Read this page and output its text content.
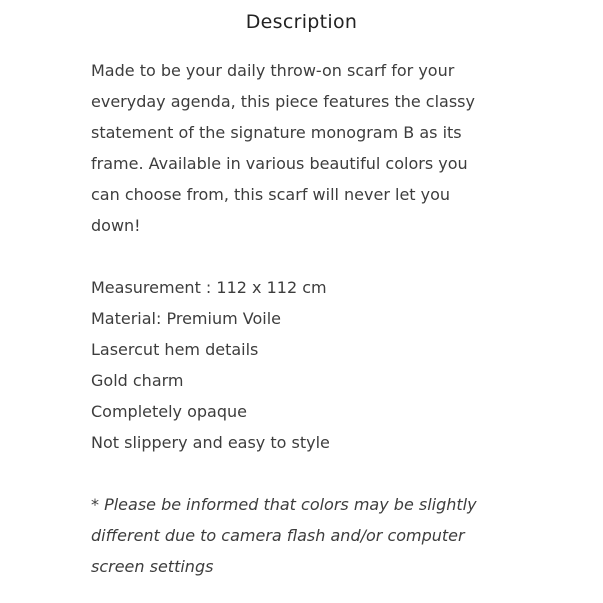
Description

Made to be your daily throw-on scarf for your

everyday agenda, this piece features the classy

statement of the signature monogram B as its

frame. Available in various beautiful colors you

can choose from, this scarf will never let you

down!

Measurement : 112 x 112 cm

Material: Premium Voile

Lasercut hem details

Gold charm

Completely opaque

Not slippery and easy to style

* Please be informed that colors may be slightly

different due to camera flash and/or computer

screen settings
